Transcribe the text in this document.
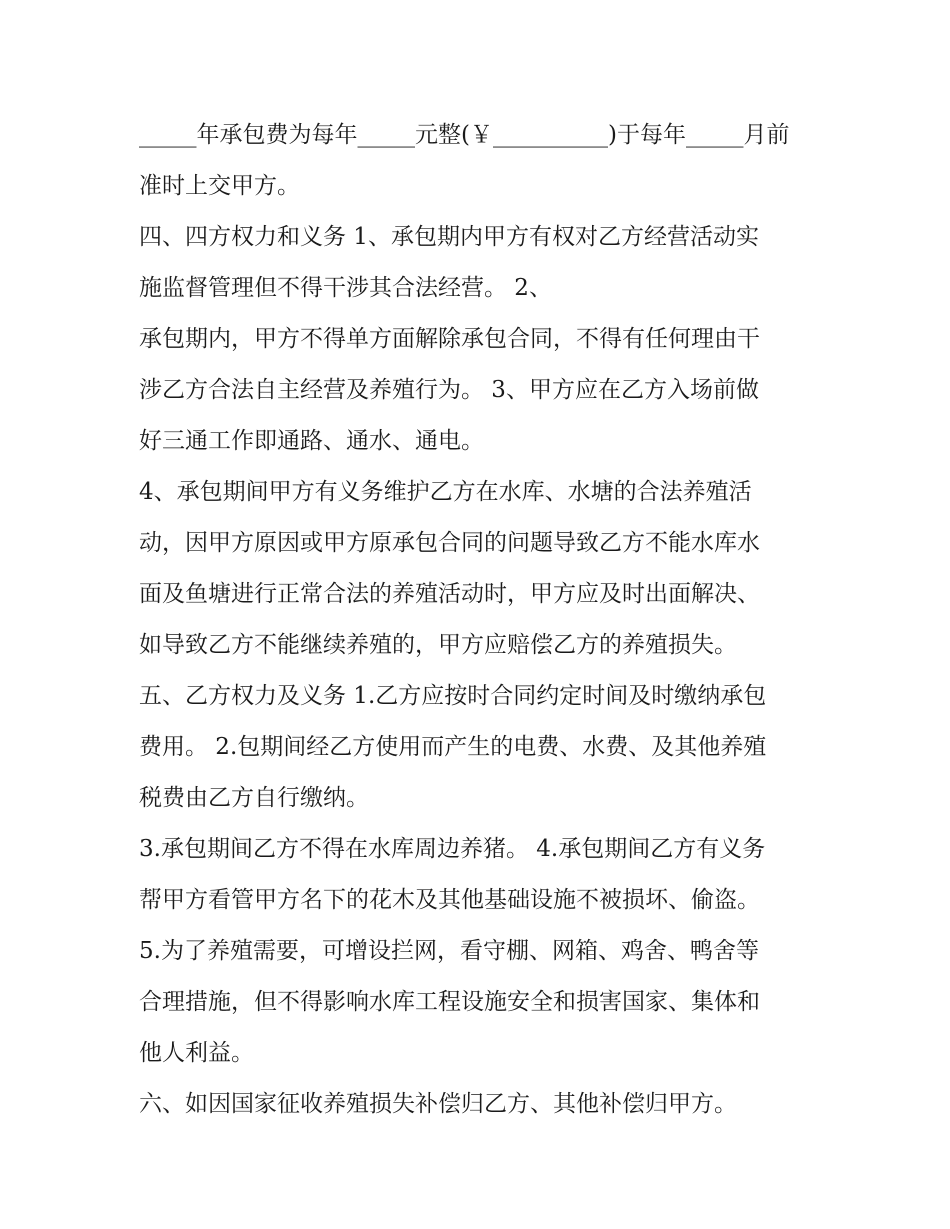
_____年承包费为每年_____元整(￥__________)于每年_____月前
准时上交甲方。
四、四方权力和义务 1、承包期内甲方有权对乙方经营活动实
施监督管理但不得干涉其合法经营。 2、
承包期内，甲方不得单方面解除承包合同，不得有任何理由干
涉乙方合法自主经营及养殖行为。 3、甲方应在乙方入场前做
好三通工作即通路、通水、通电。
4、承包期间甲方有义务维护乙方在水库、水塘的合法养殖活
动，因甲方原因或甲方原承包合同的问题导致乙方不能水库水
面及鱼塘进行正常合法的养殖活动时，甲方应及时出面解决、
如导致乙方不能继续养殖的，甲方应赔偿乙方的养殖损失。
五、乙方权力及义务 1.乙方应按时合同约定时间及时缴纳承包
费用。 2.包期间经乙方使用而产生的电费、水费、及其他养殖
税费由乙方自行缴纳。
3.承包期间乙方不得在水库周边养猪。 4.承包期间乙方有义务
帮甲方看管甲方名下的花木及其他基础设施不被损坏、偷盗。
5.为了养殖需要，可增设拦网，看守棚、网箱、鸡舍、鸭舍等
合理措施，但不得影响水库工程设施安全和损害国家、集体和
他人利益。
六、如因国家征收养殖损失补偿归乙方、其他补偿归甲方。
